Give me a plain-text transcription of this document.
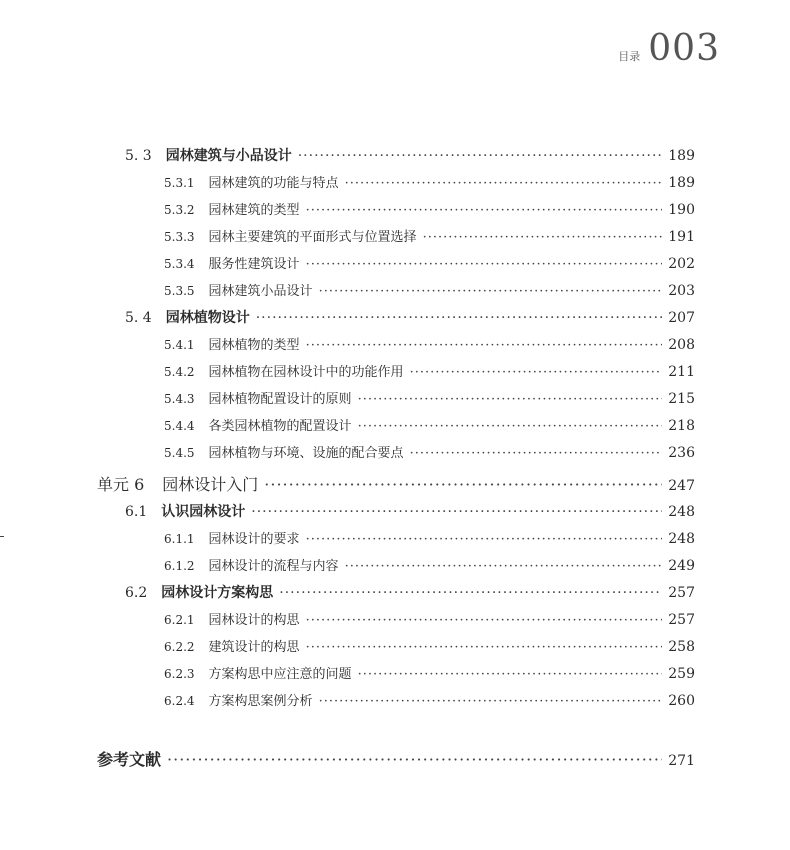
目录 003
5. 3 园林建筑与小品设计 ·····	189
5.3.1 园林建筑的功能与特点 ·····	189
5.3.2 园林建筑的类型 ·····	190
5.3.3 园林主要建筑的平面形式与位置选择 ·····	191
5.3.4 服务性建筑设计 ·····	202
5.3.5 园林建筑小品设计 ·····	203
5. 4 园林植物设计 ·····	207
5.4.1 园林植物的类型 ·····	208
5.4.2 园林植物在园林设计中的功能作用 ·····	211
5.4.3 园林植物配置设计的原则 ·····	215
5.4.4 各类园林植物的配置设计 ·····	218
5.4.5 园林植物与环境、设施的配合要点 ·····	236
单元 6 园林设计入门 ·····	247
6.1 认识园林设计 ·····	248
6.1.1 园林设计的要求 ·····	248
6.1.2 园林设计的流程与内容 ·····	249
6.2 园林设计方案构思 ·····	257
6.2.1 园林设计的构思 ·····	257
6.2.2 建筑设计的构思 ·····	258
6.2.3 方案构思中应注意的问题 ·····	259
6.2.4 方案构思案例分析 ·····	260
参考文献 ·····	271
